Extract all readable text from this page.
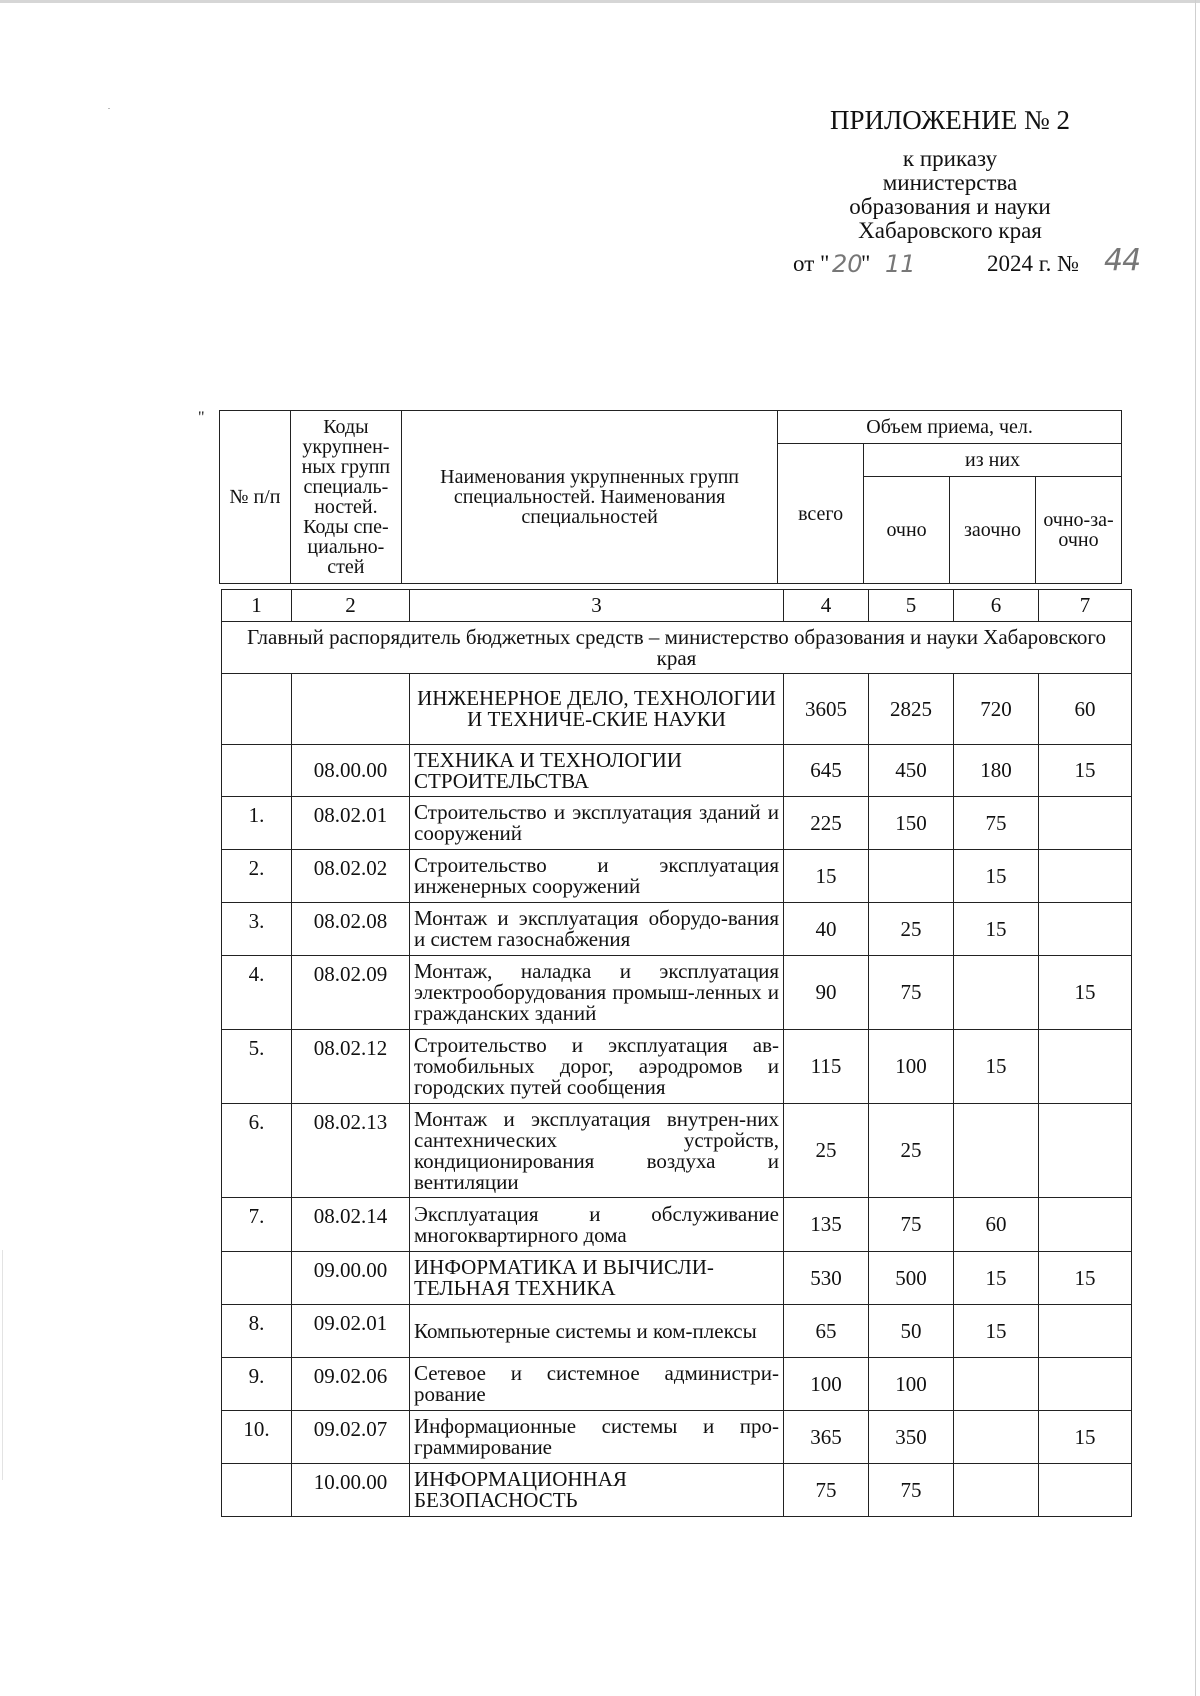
ПРИЛОЖЕНИЕ № 2
к приказу
министерства
образования и науки
Хабаровского края
от " 20
" 11	2024 г. № 44
"
№ п/п	Коды укрупнен-ных групп специаль-ностей. Коды спе-циально-стей	Наименования укрупненных групп специальностей. Наименования специальностей	Объем приема, чел.			
			всего	из них		
				очно	заочно	очно-за-очно
1	2	3	4	5	6	7
Главный распорядитель бюджетных средств – министерство образования и науки Хабаровского края						
		ИНЖЕНЕРНОЕ ДЕЛО, ТЕХНОЛОГИИ И ТЕХНИЧЕ-СКИЕ НАУКИ	3605	2825	720	60
	08.00.00	ТЕХНИКА И ТЕХНОЛОГИИ СТРОИТЕЛЬСТВА	645	450	180	15
1.	08.02.01	Строительство и эксплуатация зданий и сооружений	225	150	75	
2.	08.02.02	Строительство и эксплуатация инженерных сооружений	15		15	
3.	08.02.08	Монтаж и эксплуатация оборудо-вания и систем газоснабжения	40	25	15	
4.	08.02.09	Монтаж, наладка и эксплуатация электрооборудования промыш-ленных и гражданских зданий	90	75		15
5.	08.02.12	Строительство и эксплуатация ав-томобильных дорог, аэродромов и городских путей сообщения	115	100	15	
6.	08.02.13	Монтаж и эксплуатация внутрен-них сантехнических устройств, кондиционирования воздуха и вентиляции	25	25		
7.	08.02.14	Эксплуатация и обслуживание многоквартирного дома	135	75	60	
	09.00.00	ИНФОРМАТИКА И ВЫЧИСЛИ-ТЕЛЬНАЯ ТЕХНИКА	530	500	15	15
8.	09.02.01	Компьютерные системы и ком-плексы	65	50	15	
9.	09.02.06	Сетевое и системное администри-рование	100	100		
10.	09.02.07	Информационные системы и про-граммирование	365	350		15
	10.00.00	ИНФОРМАЦИОННАЯ БЕЗОПАСНОСТЬ	75	75		
